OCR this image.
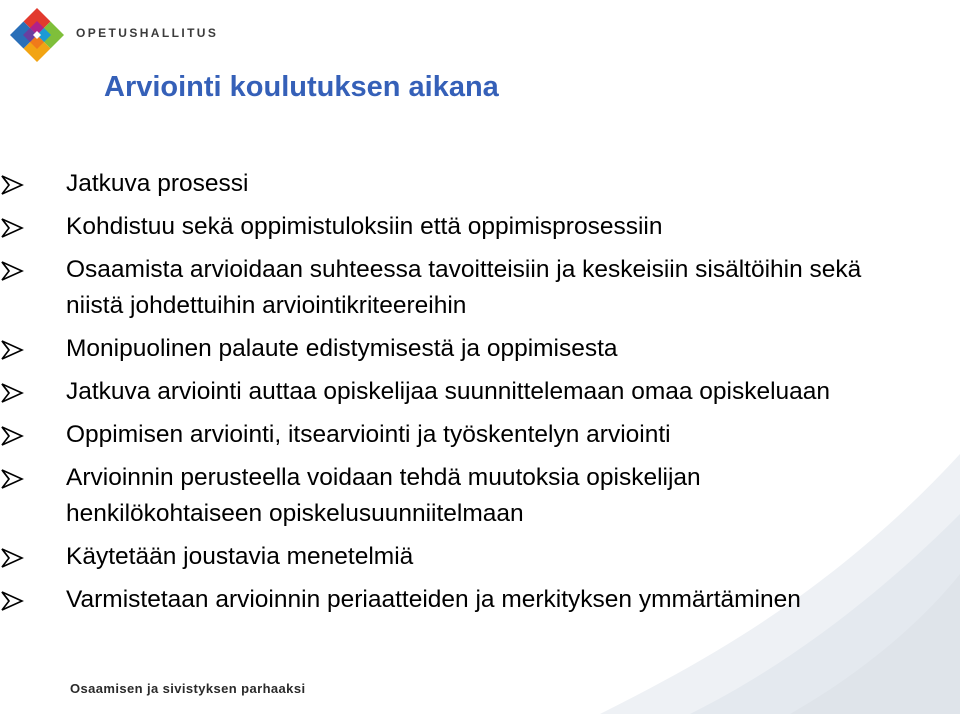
OPETUSHALLITUS
Arviointi koulutuksen aikana
Jatkuva prosessi
Kohdistuu sekä oppimistuloksiin että oppimisprosessiin
Osaamista arvioidaan suhteessa tavoitteisiin ja keskeisiin sisältöihin sekä niistä johdettuihin arviointikriteereihin
Monipuolinen palaute edistymisestä ja oppimisesta
Jatkuva arviointi auttaa opiskelijaa suunnittelemaan omaa opiskeluaan
Oppimisen arviointi, itsearviointi ja työskentelyn arviointi
Arvioinnin perusteella voidaan tehdä muutoksia opiskelijan henkilökohtaiseen opiskelusuunniitelmaan
Käytetään joustavia menetelmiä
Varmistetaan arvioinnin periaatteiden ja merkityksen ymmärtäminen
Osaamisen ja sivistyksen parhaaksi
